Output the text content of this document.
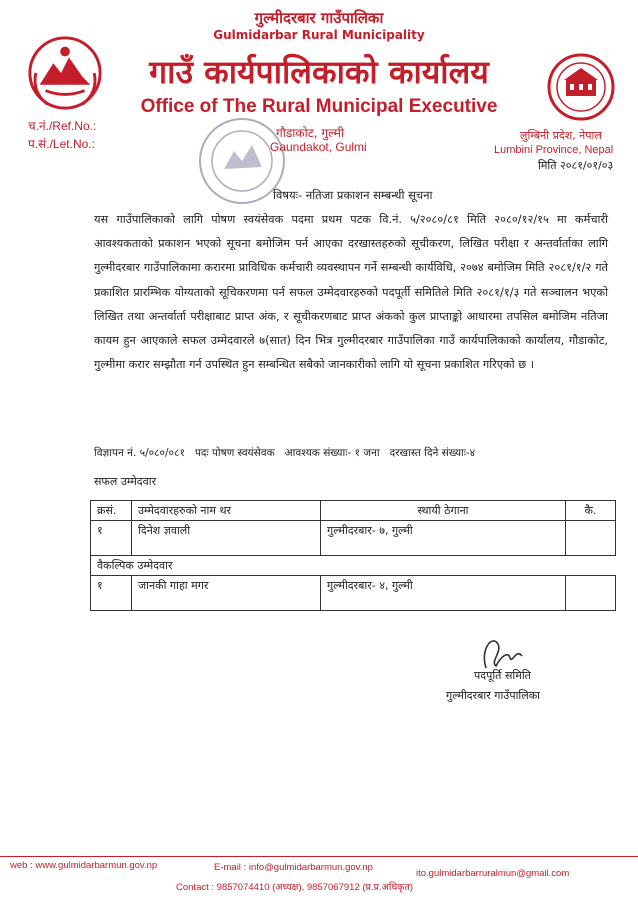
गुल्मीदरबार गाउँपालिका
Gulmidarbar Rural Municipality
गाउँ कार्यपालिकाको कार्यालय
Office of The Rural Municipal Executive
च.नं./Ref.No.:
प.सं./Let.No.:
गौडाकोट, गुल्मी
Gaundakot, Gulmi
लुम्बिनी प्रदेश, नेपाल
Lumbini Province, Nepal
मिति २०८१/०१/०३
विषयः- नतिजा प्रकाशन सम्बन्धी सूचना
यस गाउँपालिकाको लागि पोषण स्वयंसेवक पदमा प्रथम पटक वि.नं. ५/२०८०/८१ मिति २०८०/१२/१५ मा कर्मचारी आवश्यकताको प्रकाशन भएको सूचना बमोजिम पर्न आएका दरखास्तहरुको सूचीकरण, लिखित परीक्षा र अन्तर्वार्ताका लागि गुल्मीदरबार गाउँपालिकामा करारमा प्राविधिक कर्मचारी व्यवस्थापन गर्ने सम्बन्धी कार्यविधि, २०७४ बमोजिम मिति २०८१/१/२ गते प्रकाशित प्रारम्भिक योग्यताको सूचिकरणमा पर्न सफल उम्मेदवारहरुको पदपूर्ती समितिले मिति २०८१/१/३ गते सञ्चालन भएको लिखित तथा अन्तर्वार्ता परीक्षाबाट प्राप्त अंक, र सूचीकरणबाट प्राप्त अंकको कुल प्राप्ताङ्को आधारमा तपसिल बमोजिम नतिजा कायम हुन आएकाले सफल उम्मेदवारले ७(सात) दिन भित्र गुल्मीदरबार गाउँपालिका गाउँ कार्यपालिकाको कार्यालय, गौडाकोट, गुल्मीमा करार सम्झौता गर्न उपस्थित हुन सम्बन्धित सबैको जानकारीको लागि यो सूचना प्रकाशित गरिएको छ ।
विज्ञापन नं. ५/०८०/०८१ पदः पोषण स्वयंसेवक आवश्यक संख्याः- १ जना दरखास्त दिने संख्याः-४
सफल उम्मेदवार
क्रसं.	उम्मेदवारहरुको नाम थर	स्थायी ठेगाना	कै.
१	दिनेश ज्ञवाली	गुल्मीदरबार- ७, गुल्मी	
वैकल्पिक उम्मेदवार			
१	जानकी गाहा मगर	गुल्मीदरबार- ४, गुल्मी	
पदपूर्ति समिति
गुल्मीदरबार गाउँपालिका
web : www.gulmidarbarmun.gov.np	E-mail : info@gulmidarbarmun.gov.np
ito.gulmidarbarruralmun@gmail.com
Contact : 9857074410 (अध्यक्ष), 9857067912 (प्र.प्र.अधिकृत)
